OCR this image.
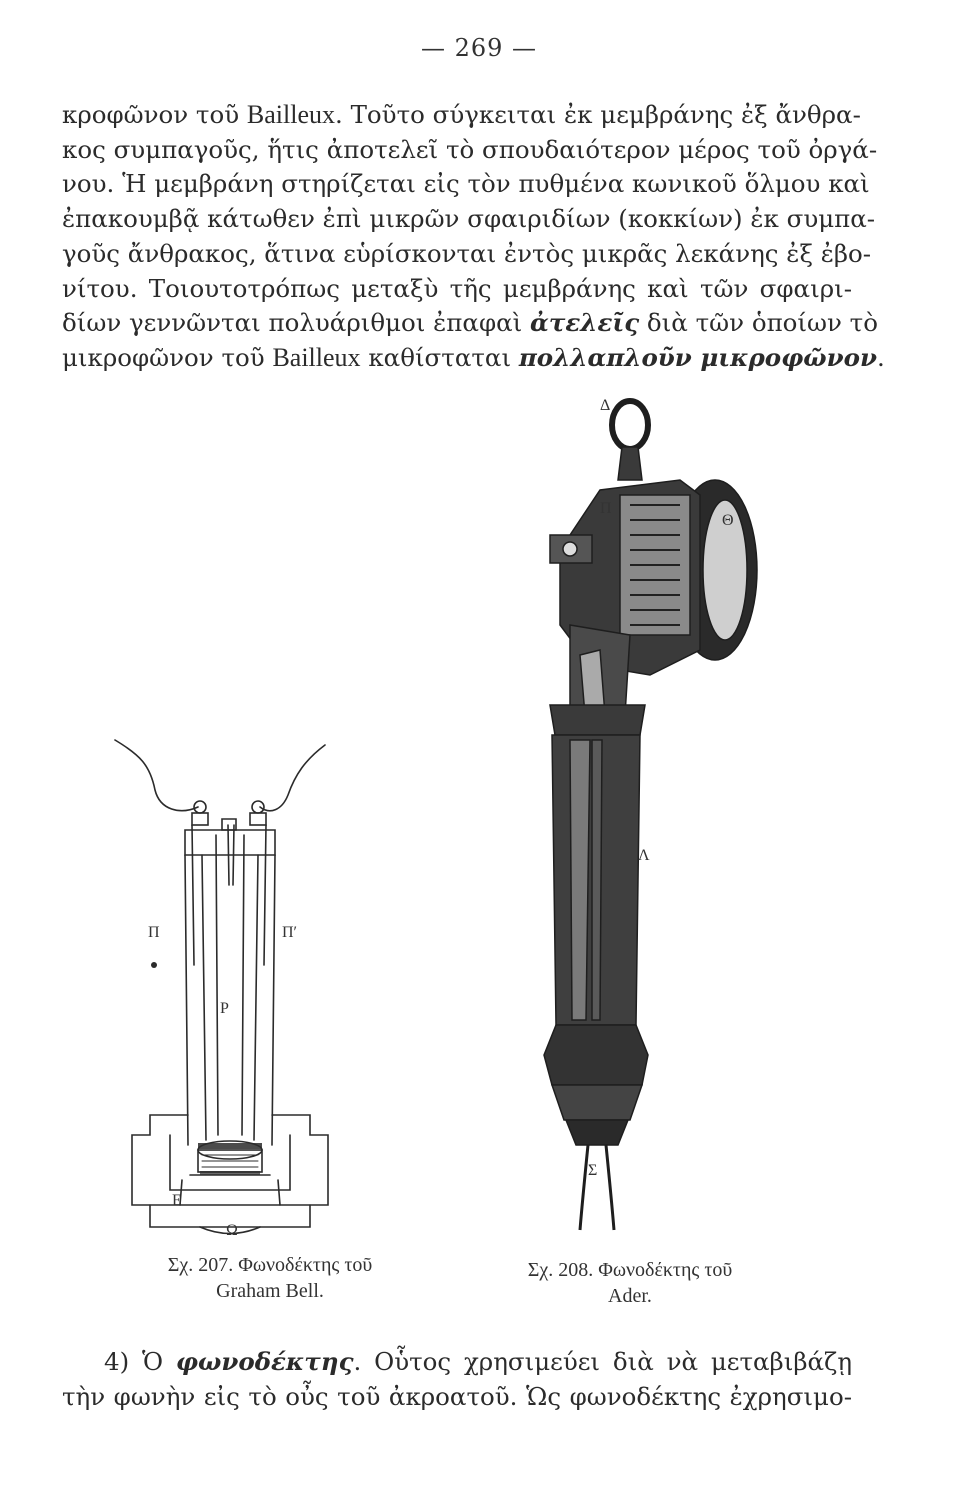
— 269 —
κροφῶνον τοῦ Bailleux. Τοῦτο σύγκειται ἐκ μεμβράνης ἐξ ἄνθρα-
κος συμπαγοῦς, ἥτις ἀποτελεῖ τὸ σπουδαιότερον μέρος τοῦ ὀργά-
νου. Ἡ μεμβράνη στηρίζεται εἰς τὸν πυθμένα κωνικοῦ ὅλμου καὶ
ἐπακουμβᾷ κάτωθεν ἐπὶ μικρῶν σφαιριδίων (κοκκίων) ἐκ συμπα-
γοῦς ἄνθρακος, ἅτινα εὑρίσκονται ἐντὸς μικρᾶς λεκάνης ἐξ ἐβο-
νίτου. Τοιουτοτρόπως μεταξὺ τῆς μεμβράνης καὶ τῶν σφαιρι-
δίων γεννῶνται πολυάριθμοι ἐπαφαὶ ἀτελεῖς διὰ τῶν ὁποίων τὸ
μικροφῶνον τοῦ Bailleux καθίσταται πολλαπλοῦν μικροφῶνον.
Π	Π′
Ρ
Ε
Ω
Δ
Π
Θ
Λ
Σ
Σχ. 207. Φωνοδέκτης τοῦ
Graham Bell.
Σχ. 208. Φωνοδέκτης τοῦ
Ader.
4) Ὁ φωνοδέκτης. Οὗτος χρησιμεύει διὰ νὰ μεταβιβάζῃ
τὴν φωνὴν εἰς τὸ οὖς τοῦ ἀκροατοῦ. Ὡς φωνοδέκτης ἐχρησιμο-
